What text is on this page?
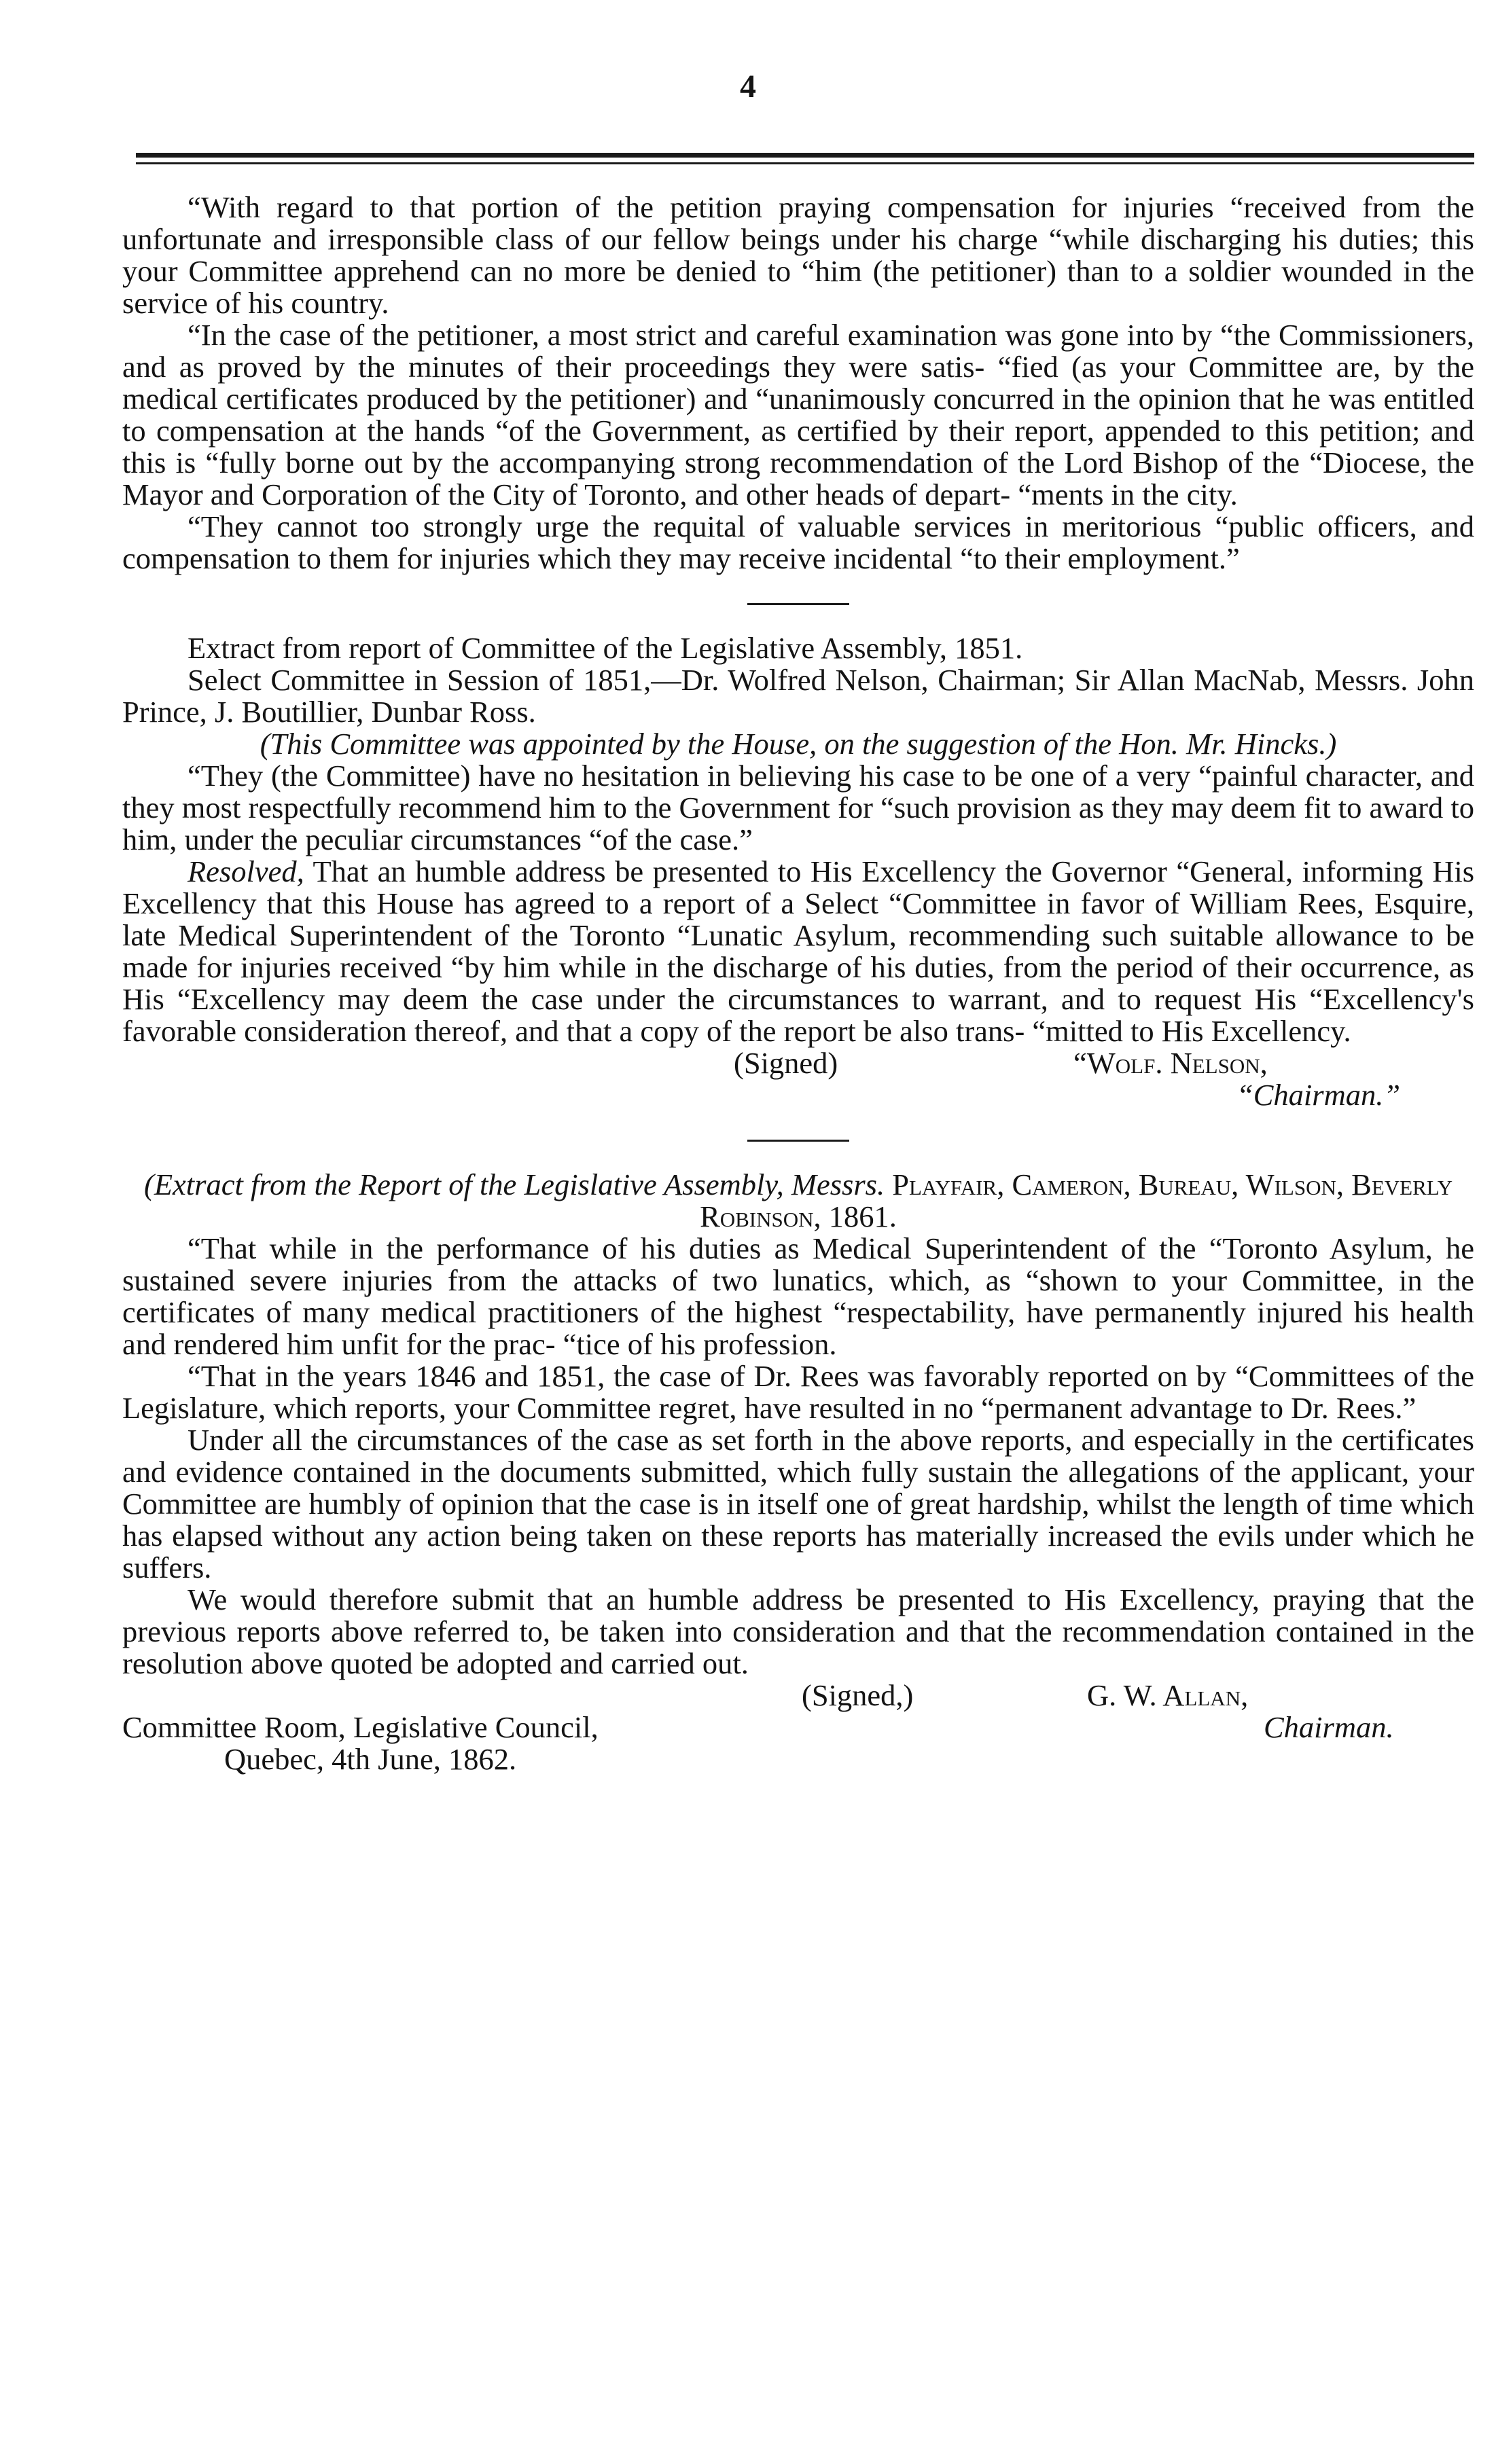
4

“With regard to that portion of the petition praying compensation for injuries “received from the unfortunate and irresponsible class of our fellow beings under his charge “while discharging his duties; this your Committee apprehend can no more be denied to “him (the petitioner) than to a soldier wounded in the service of his country.

“In the case of the petitioner, a most strict and careful examination was gone into by “the Commissioners, and as proved by the minutes of their proceedings they were satis- “fied (as your Committee are, by the medical certificates produced by the petitioner) and “unanimously concurred in the opinion that he was entitled to compensation at the hands “of the Government, as certified by their report, appended to this petition; and this is “fully borne out by the accompanying strong recommendation of the Lord Bishop of the “Diocese, the Mayor and Corporation of the City of Toronto, and other heads of depart- “ments in the city.

“They cannot too strongly urge the requital of valuable services in meritorious “public officers, and compensation to them for injuries which they may receive incidental “to their employment.”

Extract from report of Committee of the Legislative Assembly, 1851.

Select Committee in Session of 1851,—Dr. Wolfred Nelson, Chairman; Sir Allan MacNab, Messrs. John Prince, J. Boutillier, Dunbar Ross.

(This Committee was appointed by the House, on the suggestion of the Hon. Mr. Hincks.)

“They (the Committee) have no hesitation in believing his case to be one of a very “painful character, and they most respectfully recommend him to the Government for “such provision as they may deem fit to award to him, under the peculiar circumstances “of the case.”

Resolved, That an humble address be presented to His Excellency the Governor “General, informing His Excellency that this House has agreed to a report of a Select “Committee in favor of William Rees, Esquire, late Medical Superintendent of the Toronto “Lunatic Asylum, recommending such suitable allowance to be made for injuries received “by him while in the discharge of his duties, from the period of their occurrence, as His “Excellency may deem the case under the circumstances to warrant, and to request His “Excellency's favorable consideration thereof, and that a copy of the report be also trans- “mitted to His Excellency.

(Signed)	“Wolf. Nelson,
“Chairman.”

(Extract from the Report of the Legislative Assembly, Messrs. Playfair, Cameron, Bureau, Wilson, Beverly Robinson, 1861.

“That while in the performance of his duties as Medical Superintendent of the “Toronto Asylum, he sustained severe injuries from the attacks of two lunatics, which, as “shown to your Committee, in the certificates of many medical practitioners of the highest “respectability, have permanently injured his health and rendered him unfit for the prac- “tice of his profession.

“That in the years 1846 and 1851, the case of Dr. Rees was favorably reported on by “Committees of the Legislature, which reports, your Committee regret, have resulted in no “permanent advantage to Dr. Rees.”

Under all the circumstances of the case as set forth in the above reports, and especially in the certificates and evidence contained in the documents submitted, which fully sustain the allegations of the applicant, your Committee are humbly of opinion that the case is in itself one of great hardship, whilst the length of time which has elapsed without any action being taken on these reports has materially increased the evils under which he suffers.

We would therefore submit that an humble address be presented to His Excellency, praying that the previous reports above referred to, be taken into consideration and that the recommendation contained in the resolution above quoted be adopted and carried out.

(Signed,)	G. W. Allan,
Committee Room, Legislative Council,	Chairman.

Quebec, 4th June, 1862.
